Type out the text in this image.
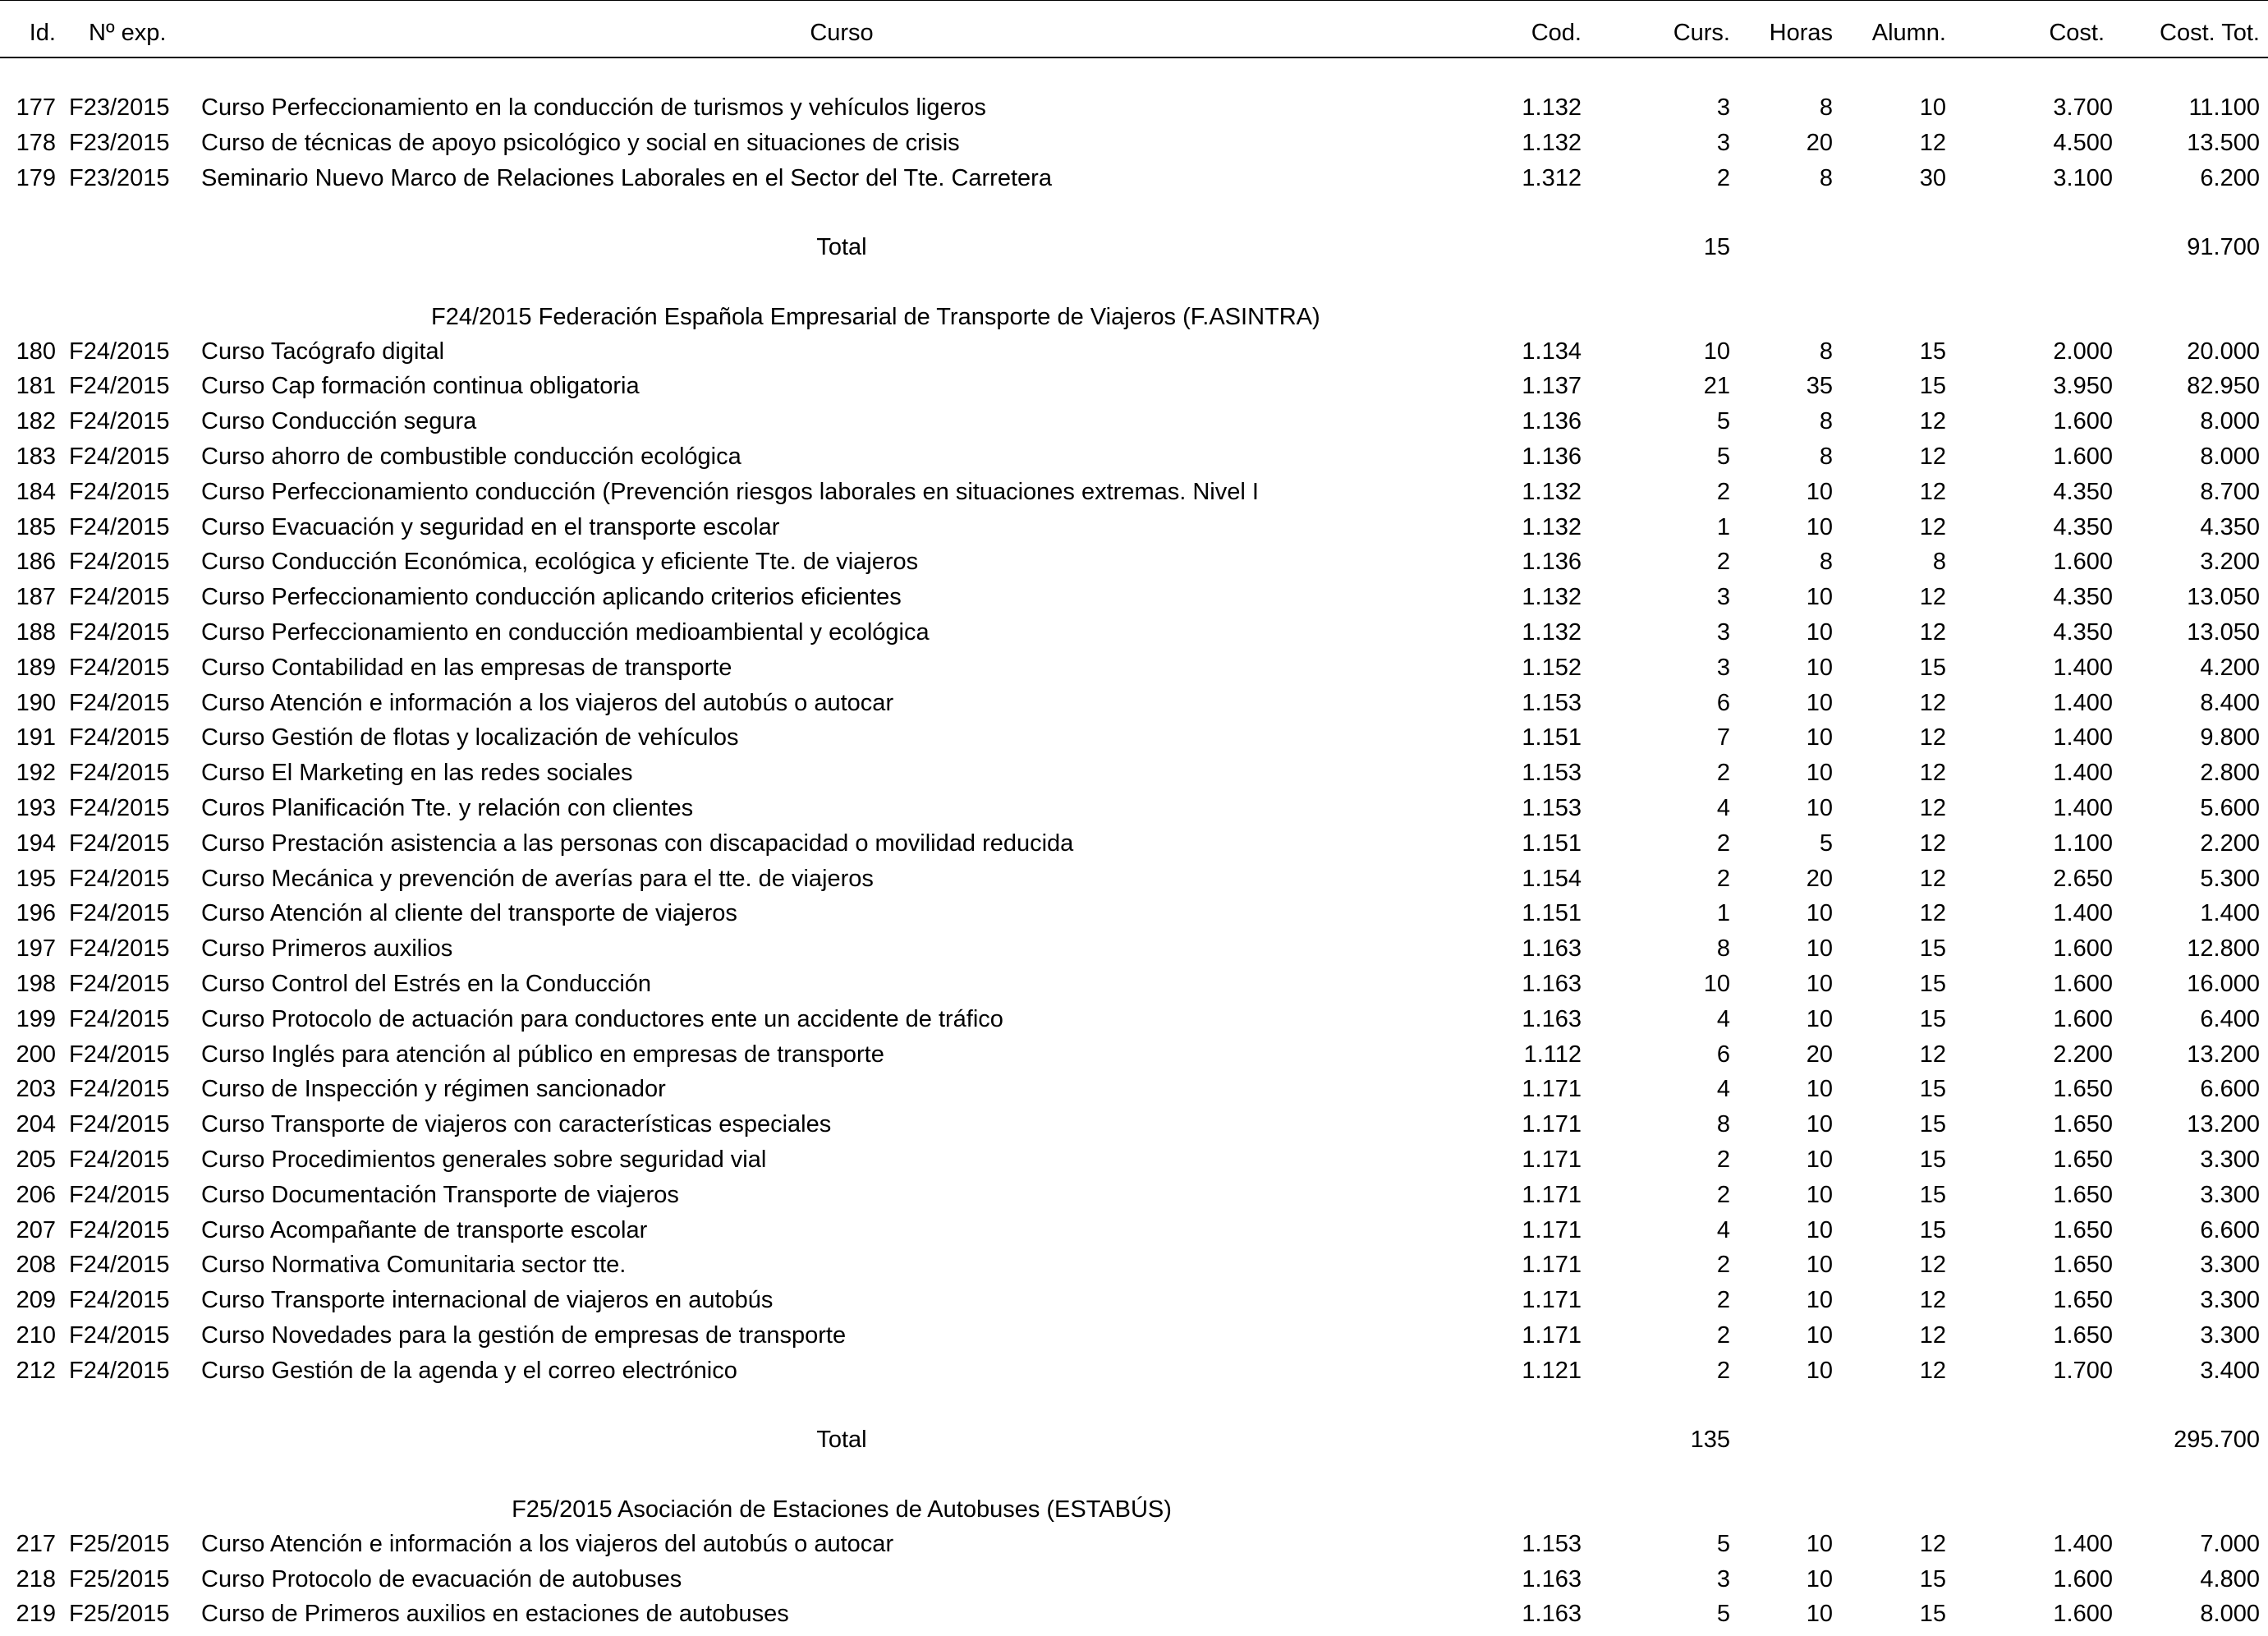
Id. Nº exp.	Curso	Cod.	Curs.	Horas	Alumn.	Cost.	Cost. Tot.
177 F23/2015	Curso Perfeccionamiento en la conducción de turismos y vehículos ligeros	1.132	3	8	10	3.700	11.100
178 F23/2015	Curso de técnicas de apoyo psicológico y social en situaciones de crisis	1.132	3	20	12	4.500	13.500
179 F23/2015	Seminario Nuevo Marco de Relaciones Laborales en el Sector del Tte. Carretera	1.312	2	8	30	3.100	6.200
Total	15	91.700
F24/2015 Federación Española Empresarial de Transporte de Viajeros (F.ASINTRA)
180 F24/2015	Curso Tacógrafo digital	1.134	10	8	15	2.000	20.000
181 F24/2015	Curso Cap formación continua obligatoria	1.137	21	35	15	3.950	82.950
182 F24/2015	Curso Conducción segura	1.136	5	8	12	1.600	8.000
183 F24/2015	Curso ahorro de combustible conducción ecológica	1.136	5	8	12	1.600	8.000
184 F24/2015	Curso Perfeccionamiento conducción (Prevención riesgos laborales en situaciones extremas. Nivel I	1.132	2	10	12	4.350	8.700
185 F24/2015	Curso Evacuación y seguridad en el transporte escolar	1.132	1	10	12	4.350	4.350
186 F24/2015	Curso Conducción Económica, ecológica y eficiente Tte. de viajeros	1.136	2	8	8	1.600	3.200
187 F24/2015	Curso Perfeccionamiento conducción aplicando criterios eficientes	1.132	3	10	12	4.350	13.050
188 F24/2015	Curso Perfeccionamiento en conducción medioambiental y ecológica	1.132	3	10	12	4.350	13.050
189 F24/2015	Curso Contabilidad en las empresas de transporte	1.152	3	10	15	1.400	4.200
190 F24/2015	Curso Atención e información a los viajeros del autobús o autocar	1.153	6	10	12	1.400	8.400
191 F24/2015	Curso Gestión de flotas y localización de vehículos	1.151	7	10	12	1.400	9.800
192 F24/2015	Curso El Marketing en las redes sociales	1.153	2	10	12	1.400	2.800
193 F24/2015	Curos Planificación Tte. y relación con clientes	1.153	4	10	12	1.400	5.600
194 F24/2015	Curso Prestación asistencia a las personas con discapacidad o movilidad reducida	1.151	2	5	12	1.100	2.200
195 F24/2015	Curso Mecánica y prevención de averías para el tte. de viajeros	1.154	2	20	12	2.650	5.300
196 F24/2015	Curso Atención al cliente del transporte de viajeros	1.151	1	10	12	1.400	1.400
197 F24/2015	Curso Primeros auxilios	1.163	8	10	15	1.600	12.800
198 F24/2015	Curso Control del Estrés en la Conducción	1.163	10	10	15	1.600	16.000
199 F24/2015	Curso Protocolo de actuación para conductores ente un accidente de tráfico	1.163	4	10	15	1.600	6.400
200 F24/2015	Curso Inglés para atención al público en empresas de transporte	1.112	6	20	12	2.200	13.200
203 F24/2015	Curso de Inspección y régimen sancionador	1.171	4	10	15	1.650	6.600
204 F24/2015	Curso Transporte de viajeros con características especiales	1.171	8	10	15	1.650	13.200
205 F24/2015	Curso Procedimientos generales sobre seguridad vial	1.171	2	10	15	1.650	3.300
206 F24/2015	Curso Documentación Transporte de viajeros	1.171	2	10	15	1.650	3.300
207 F24/2015	Curso Acompañante de transporte escolar	1.171	4	10	15	1.650	6.600
208 F24/2015	Curso Normativa Comunitaria sector tte.	1.171	2	10	12	1.650	3.300
209 F24/2015	Curso Transporte internacional de viajeros en autobús	1.171	2	10	12	1.650	3.300
210 F24/2015	Curso Novedades para la gestión de empresas de transporte	1.171	2	10	12	1.650	3.300
212 F24/2015	Curso Gestión de la agenda y el correo electrónico	1.121	2	10	12	1.700	3.400
Total	135	295.700
F25/2015 Asociación de Estaciones de Autobuses (ESTABÚS)
217 F25/2015	Curso Atención e información a los viajeros del autobús o autocar	1.153	5	10	12	1.400	7.000
218 F25/2015	Curso Protocolo de evacuación de autobuses	1.163	3	10	15	1.600	4.800
219 F25/2015	Curso de Primeros auxilios en estaciones de autobuses	1.163	5	10	15	1.600	8.000
